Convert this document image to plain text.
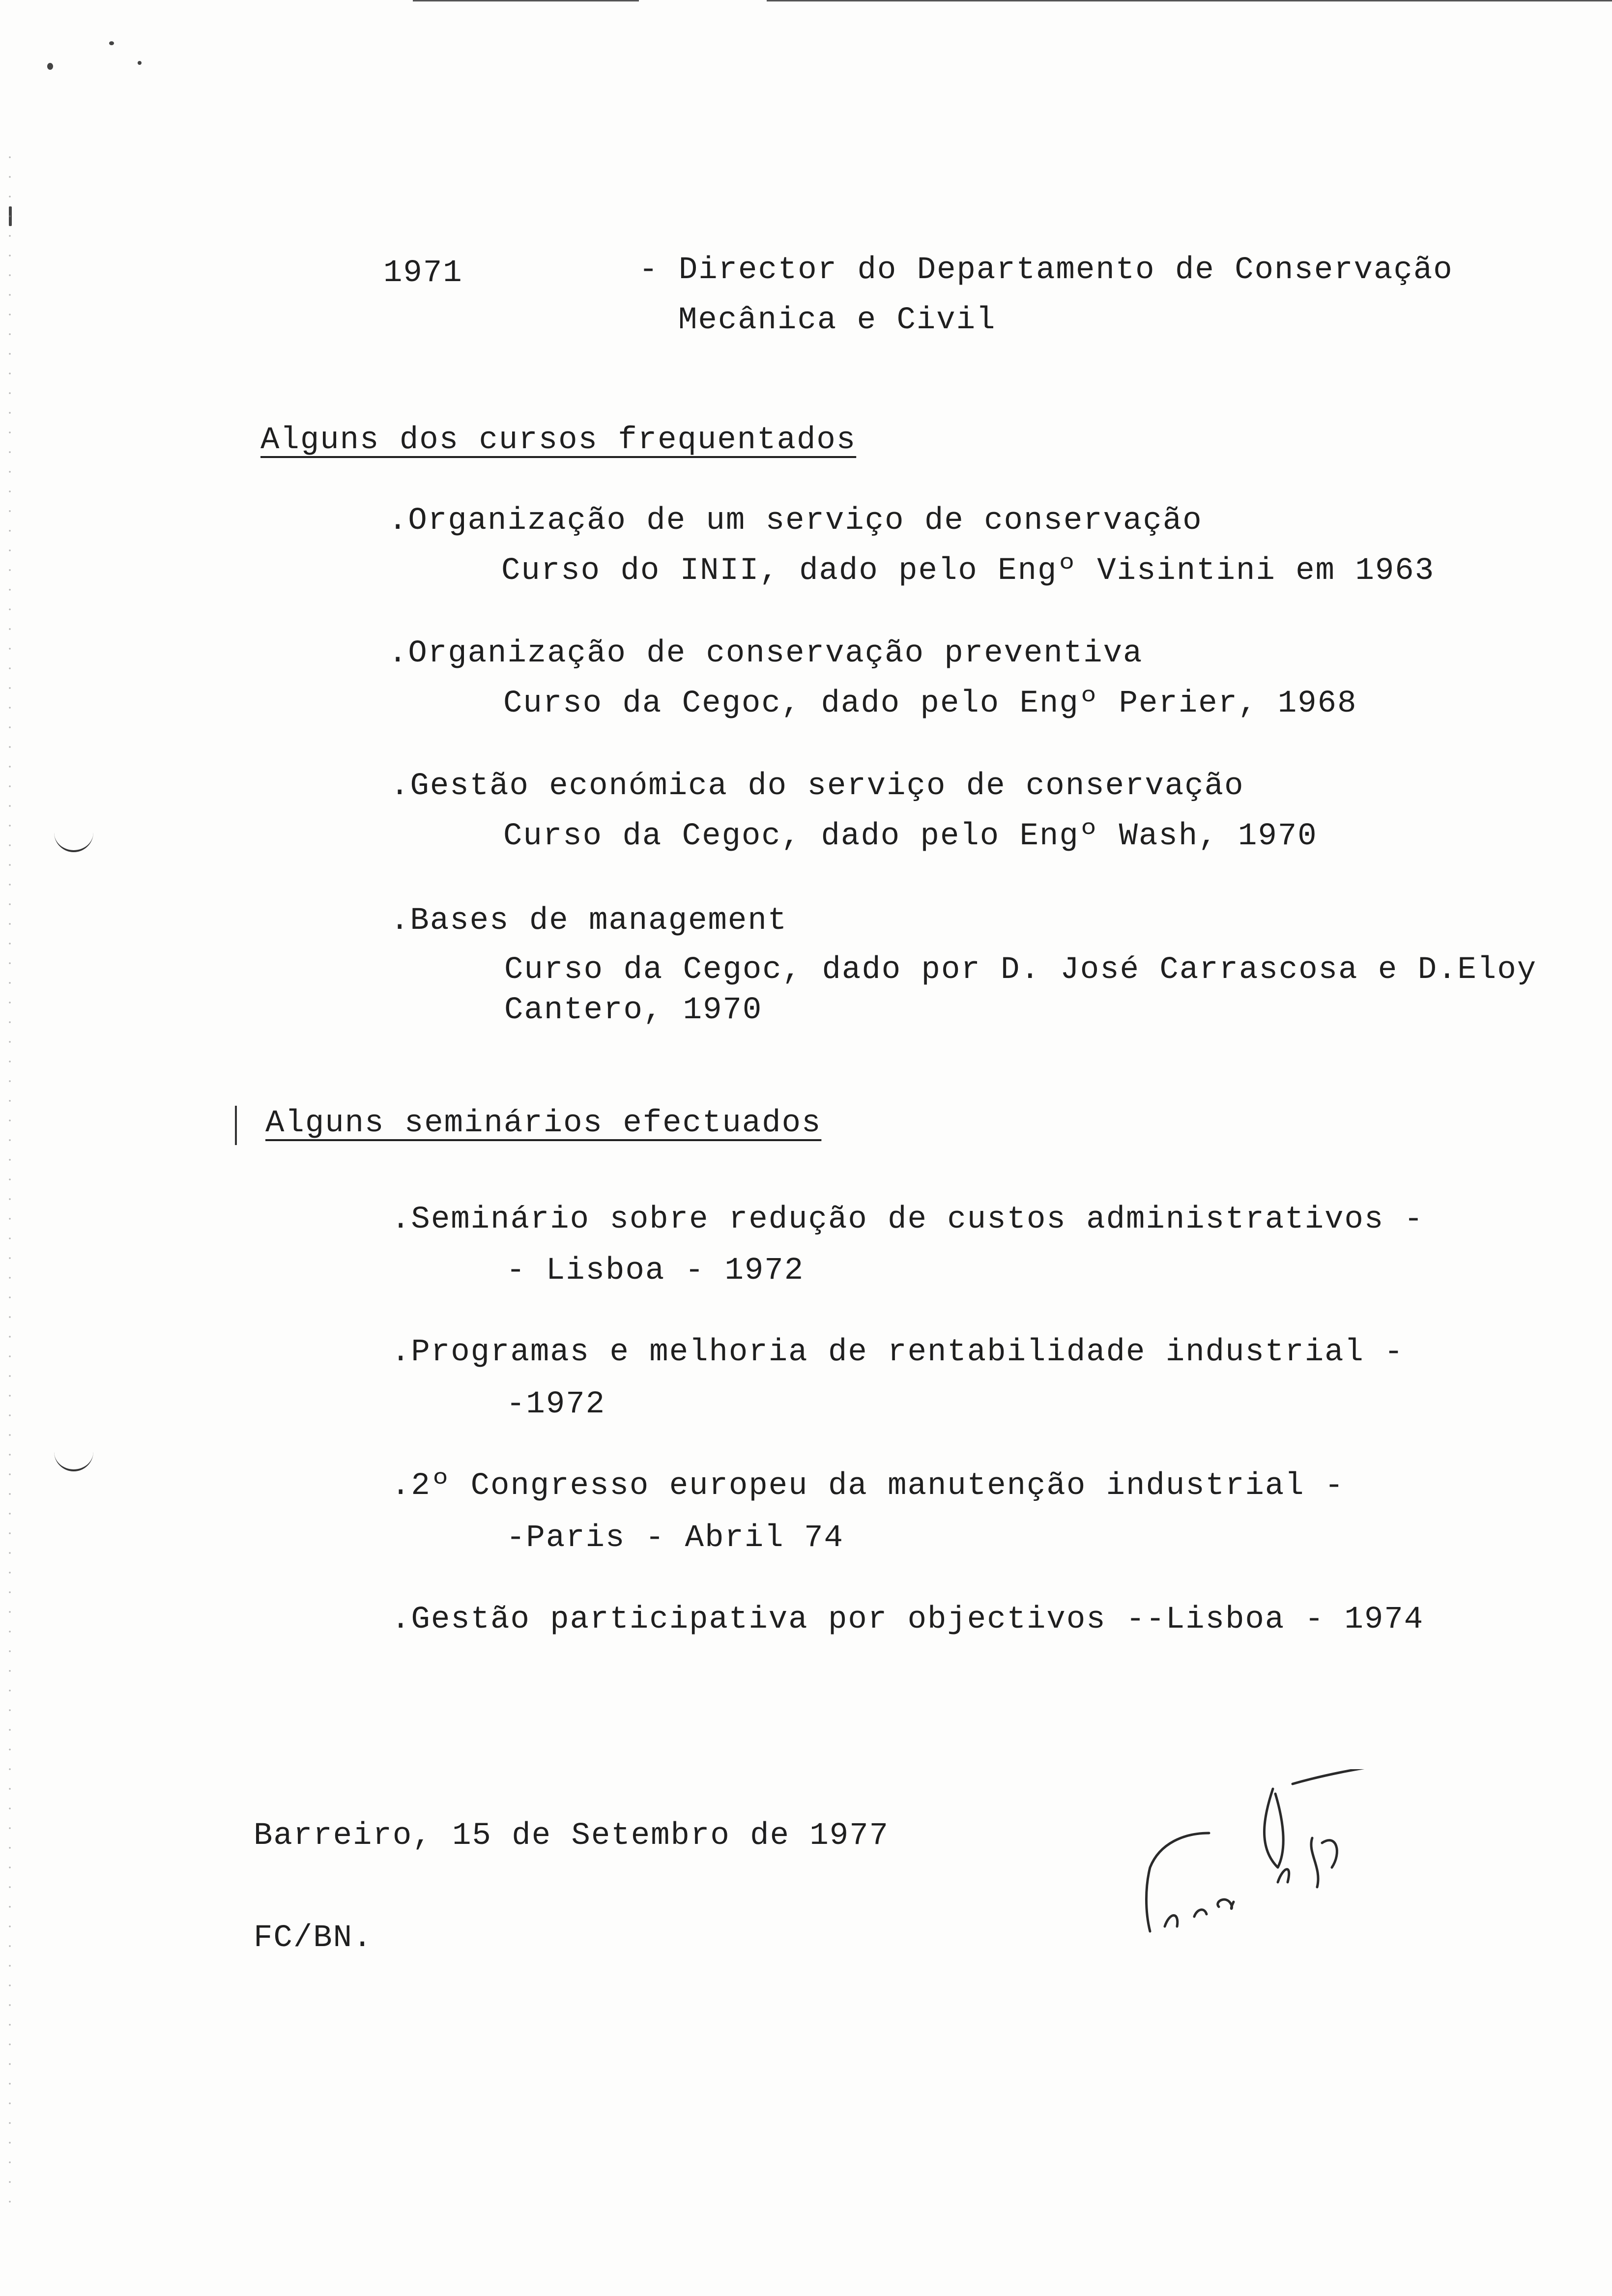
1971	- Director do Departamento de Conservação
Mecânica e Civil
Alguns dos cursos frequentados
.Organização de um serviço de conservação
Curso do INII, dado pelo Engº Visintini em 1963
.Organização de conservação preventiva
Curso da Cegoc, dado pelo Engº Perier, 1968
.Gestão económica do serviço de conservação
Curso da Cegoc, dado pelo Engº Wash, 1970
.Bases de management
Curso da Cegoc, dado por D. José Carrascosa e D.Eloy
Cantero, 1970
Alguns seminários efectuados
.Seminário sobre redução de custos administrativos -
- Lisboa - 1972
.Programas e melhoria de rentabilidade industrial -
-1972
.2º Congresso europeu da manutenção industrial -
-Paris - Abril 74
.Gestão participativa por objectivos --Lisboa - 1974
Barreiro, 15 de Setembro de 1977
FC/BN.
